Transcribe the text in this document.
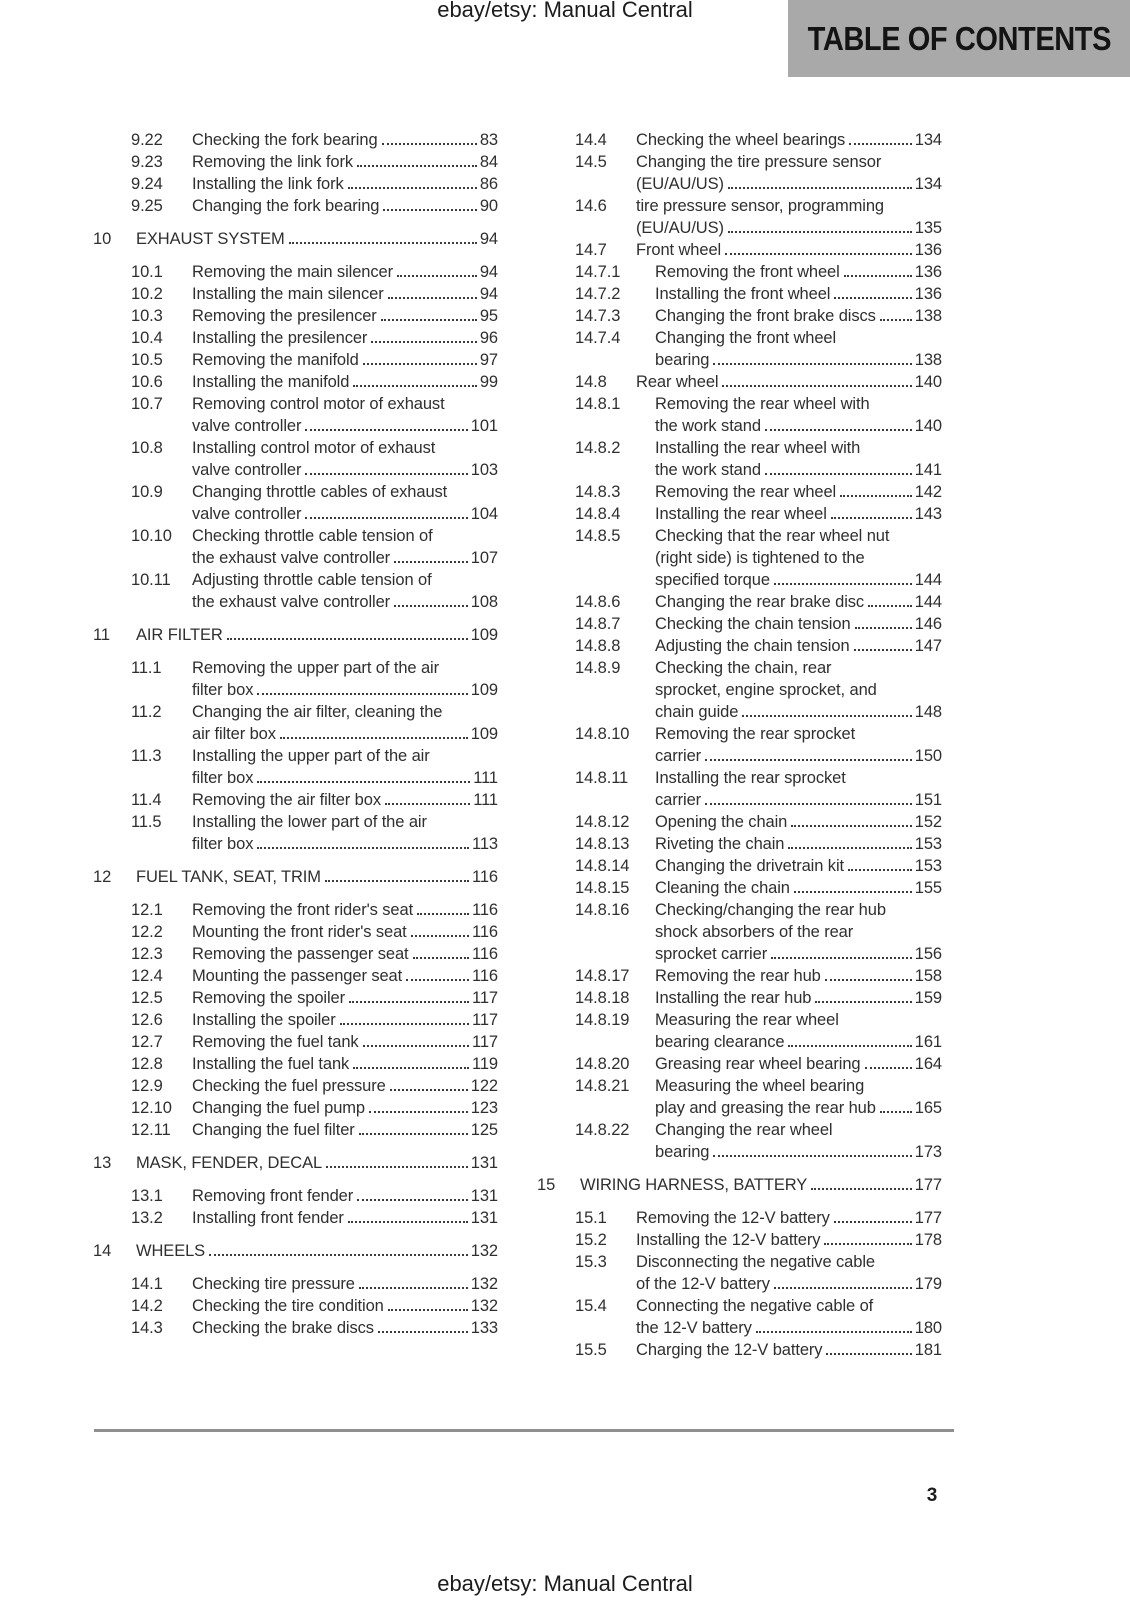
ebay/etsy: Manual Central
TABLE OF CONTENTS
9.22 Checking the fork bearing	83
9.23 Removing the link fork	84
9.24 Installing the link fork	86
9.25 Changing the fork bearing	90
10 EXHAUST SYSTEM	94
10.1 Removing the main silencer	94
10.2 Installing the main silencer	94
10.3 Removing the presilencer	95
10.4 Installing the presilencer	96
10.5 Removing the manifold	97
10.6 Installing the manifold	99
10.7 Removing control motor of exhaust
valve controller	101
10.8 Installing control motor of exhaust
valve controller	103
10.9 Changing throttle cables of exhaust
valve controller	104
10.10 Checking throttle cable tension of
the exhaust valve controller	107
10.11 Adjusting throttle cable tension of
the exhaust valve controller	108
11 AIR FILTER	109
11.1 Removing the upper part of the air
filter box	109
11.2 Changing the air filter, cleaning the
air filter box	109
11.3 Installing the upper part of the air
filter box	111
11.4 Removing the air filter box	111
11.5 Installing the lower part of the air
filter box	113
12 FUEL TANK, SEAT, TRIM	116
12.1 Removing the front rider's seat	116
12.2 Mounting the front rider's seat	116
12.3 Removing the passenger seat	116
12.4 Mounting the passenger seat	116
12.5 Removing the spoiler	117
12.6 Installing the spoiler	117
12.7 Removing the fuel tank	117
12.8 Installing the fuel tank	119
12.9 Checking the fuel pressure	122
12.10 Changing the fuel pump	123
12.11 Changing the fuel filter	125
13 MASK, FENDER, DECAL	131
13.1 Removing front fender	131
13.2 Installing front fender	131
14 WHEELS	132
14.1 Checking tire pressure	132
14.2 Checking the tire condition	132
14.3 Checking the brake discs	133
14.4 Checking the wheel bearings	134
14.5 Changing the tire pressure sensor
(EU/AU/US)	134
14.6 tire pressure sensor, programming
(EU/AU/US)	135
14.7 Front wheel	136
14.7.1 Removing the front wheel	136
14.7.2 Installing the front wheel	136
14.7.3 Changing the front brake discs 138
14.7.4 Changing the front wheel
bearing	138
14.8 Rear wheel	140
14.8.1 Removing the rear wheel with
the work stand	140
14.8.2 Installing the rear wheel with
the work stand	141
14.8.3 Removing the rear wheel	142
14.8.4 Installing the rear wheel	143
14.8.5 Checking that the rear wheel nut
(right side) is tightened to the
specified torque	144
14.8.6 Changing the rear brake disc	144
14.8.7 Checking the chain tension	146
14.8.8 Adjusting the chain tension	147
14.8.9 Checking the chain, rear
sprocket, engine sprocket, and
chain guide	148
14.8.10 Removing the rear sprocket
carrier	150
14.8.11 Installing the rear sprocket
carrier	151
14.8.12 Opening the chain	152
14.8.13 Riveting the chain	153
14.8.14 Changing the drivetrain kit	153
14.8.15 Cleaning the chain	155
14.8.16 Checking/changing the rear hub
shock absorbers of the rear
sprocket carrier	156
14.8.17 Removing the rear hub	158
14.8.18 Installing the rear hub	159
14.8.19 Measuring the rear wheel
bearing clearance	161
14.8.20 Greasing rear wheel bearing	164
14.8.21 Measuring the wheel bearing
play and greasing the rear hub 165
14.8.22 Changing the rear wheel
bearing	173
15 WIRING HARNESS, BATTERY	177
15.1 Removing the 12-V battery	177
15.2 Installing the 12-V battery	178
15.3 Disconnecting the negative cable
of the 12-V battery	179
15.4 Connecting the negative cable of
the 12-V battery	180
15.5 Charging the 12-V battery	181
3
ebay/etsy: Manual Central
